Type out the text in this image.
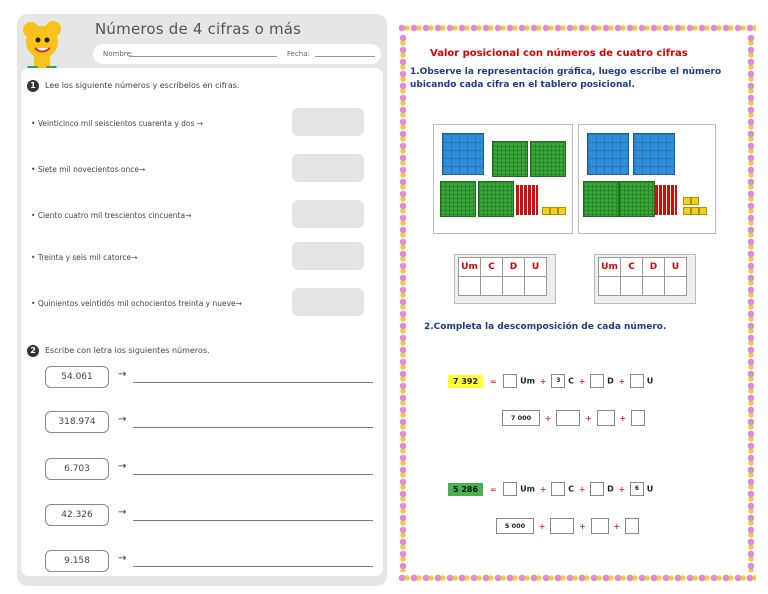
Números de 4 cifras o más
Nombre:	Fecha:
1	Lee los siguiente números y escríbelos en cifras.
• Veinticinco mil seiscientos cuarenta y dos →
• Siete mil novecientos once→
• Ciento cuatro mil trescientos cincuenta→
• Treinta y seis mil catorce→
• Quinientos veintidós mil ochocientos treinta y nueve→
2	Escribe con letra los siguientes números.
54.061	→
318.974	→
6.703	→
42.326	→
9.158	→
Valor posicional con números de cuatro cifras
1.Observe la representación gráfica, luego escribe el número ubicando cada cifra en el tablero posicional.
Um	C	D	U
				Um	C	D	U

2.Completa la descomposición de cada número.
7 392 =	Um + 3 C +	D +	U
7 000 +	+	+
5 286 =	Um +	C +	D + 6 U
5 000 +	+	+
